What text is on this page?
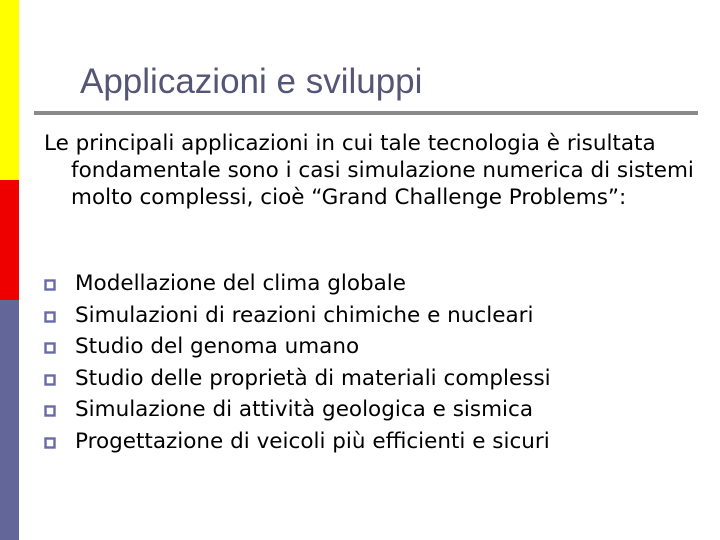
Applicazioni e sviluppi

Le principali applicazioni in cui tale tecnologia è risultata fondamentale sono i casi simulazione numerica di sistemi molto complessi, cioè “Grand Challenge Problems”:

Modellazione del clima globale
Simulazioni di reazioni chimiche e nucleari
Studio del genoma umano
Studio delle proprietà di materiali complessi
Simulazione di attività geologica e sismica
Progettazione di veicoli più efficienti e sicuri
